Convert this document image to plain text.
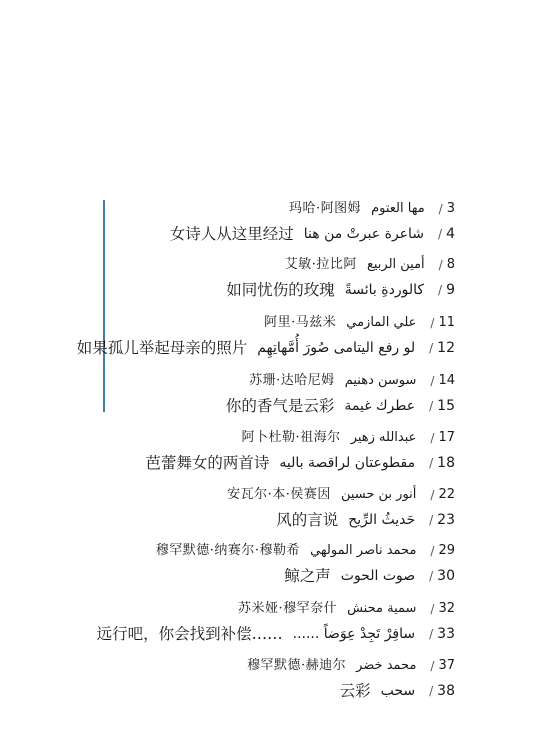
玛哈·阿图姆 مها العتوم / 3
女诗人从这里经过 شاعرة عبرتْ من هنا / 4
艾敏·拉比阿 أمين الربيع / 8
如同忧伤的玫瑰 كالوردةِ بائسةً / 9
阿里·马兹米 علي المازمي / 11
如果孤儿举起母亲的照片 لو رفع اليتامى صُورَ أُمَّهاتِهِم / 12
苏珊·达哈尼姆 سوسن دهنيم / 14
你的香气是云彩 عطرك غيمة / 15
阿卜杜勒·祖海尔 عبدالله زهير / 17
芭蕾舞女的两首诗 مقطوعتان لراقصة باليه / 18
安瓦尔·本·侯赛因 أنور بن حسين / 22
风的言说 حَديثُ الرِّيح / 23
穆罕默德·纳赛尔·穆勒希 محمد ناصر المولهي / 29
鲸之声 صوت الحوت / 30
苏米娅·穆罕奈什 سمية محنش / 32
远行吧，你会找到补偿…… سافِرْ تَجِدْ عِوَضاً ...... / 33
穆罕默德·赫迪尔 محمد خضر / 37
云彩 سحب / 38
